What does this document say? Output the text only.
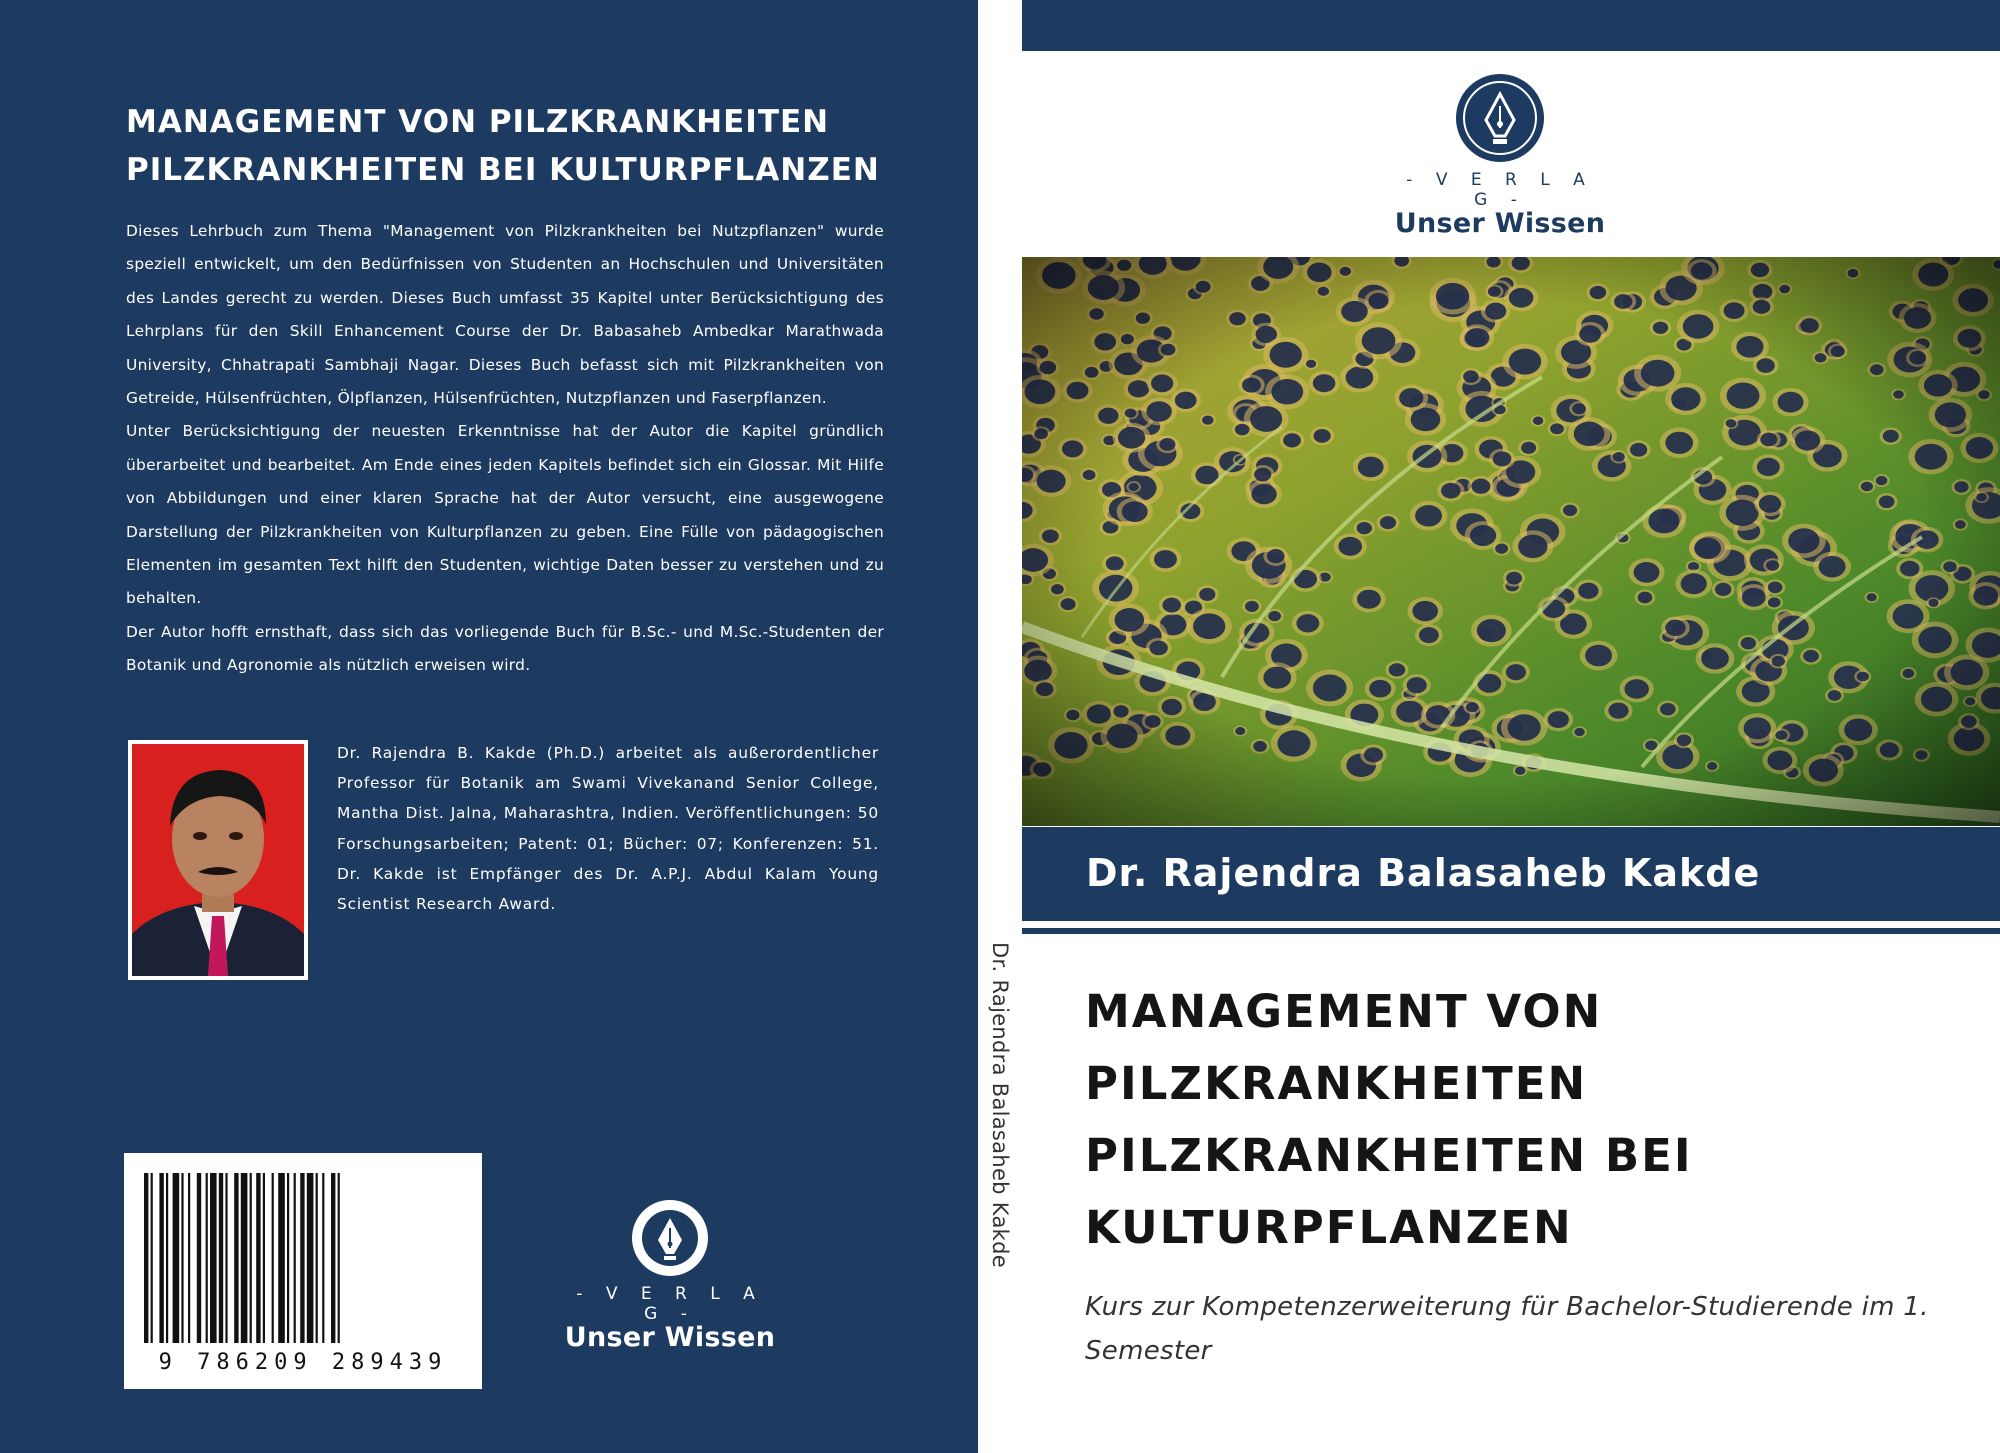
MANAGEMENT VON PILZKRANKHEITEN
PILZKRANKHEITEN BEI KULTURPFLANZEN

Dieses Lehrbuch zum Thema "Management von Pilzkrankheiten bei Nutzpflanzen" wurde speziell entwickelt, um den Bedürfnissen von Studenten an Hochschulen und Universitäten des Landes gerecht zu werden. Dieses Buch umfasst 35 Kapitel unter Berücksichtigung des Lehrplans für den Skill Enhancement Course der Dr. Babasaheb Ambedkar Marathwada University, Chhatrapati Sambhaji Nagar. Dieses Buch befasst sich mit Pilzkrankheiten von Getreide, Hülsenfrüchten, Ölpflanzen, Hülsenfrüchten, Nutzpflanzen und Faserpflanzen.

Unter Berücksichtigung der neuesten Erkenntnisse hat der Autor die Kapitel gründlich überarbeitet und bearbeitet. Am Ende eines jeden Kapitels befindet sich ein Glossar. Mit Hilfe von Abbildungen und einer klaren Sprache hat der Autor versucht, eine ausgewogene Darstellung der Pilzkrankheiten von Kulturpflanzen zu geben. Eine Fülle von pädagogischen Elementen im gesamten Text hilft den Studenten, wichtige Daten besser zu verstehen und zu behalten.

Der Autor hofft ernsthaft, dass sich das vorliegende Buch für B.Sc.- und M.Sc.-Studenten der Botanik und Agronomie als nützlich erweisen wird.

Dr. Rajendra B. Kakde (Ph.D.) arbeitet als außerordentlicher Professor für Botanik am Swami Vivekanand Senior College, Mantha Dist. Jalna, Maharashtra, Indien. Veröffentlichungen: 50 Forschungsarbeiten; Patent: 01; Bücher: 07; Konferenzen: 51. Dr. Kakde ist Empfänger des Dr. A.P.J. Abdul Kalam Young Scientist Research Award.
9 786209 289439
- V E R L A G -
Unser Wissen
Dr. Rajendra Balasaheb Kakde
- V E R L A G -
Unser Wissen
Dr. Rajendra Balasaheb Kakde
MANAGEMENT VON
PILZKRANKHEITEN
PILZKRANKHEITEN BEI
KULTURPFLANZEN
Kurs zur Kompetenzerweiterung für Bachelor-Studierende im 1. Semester
